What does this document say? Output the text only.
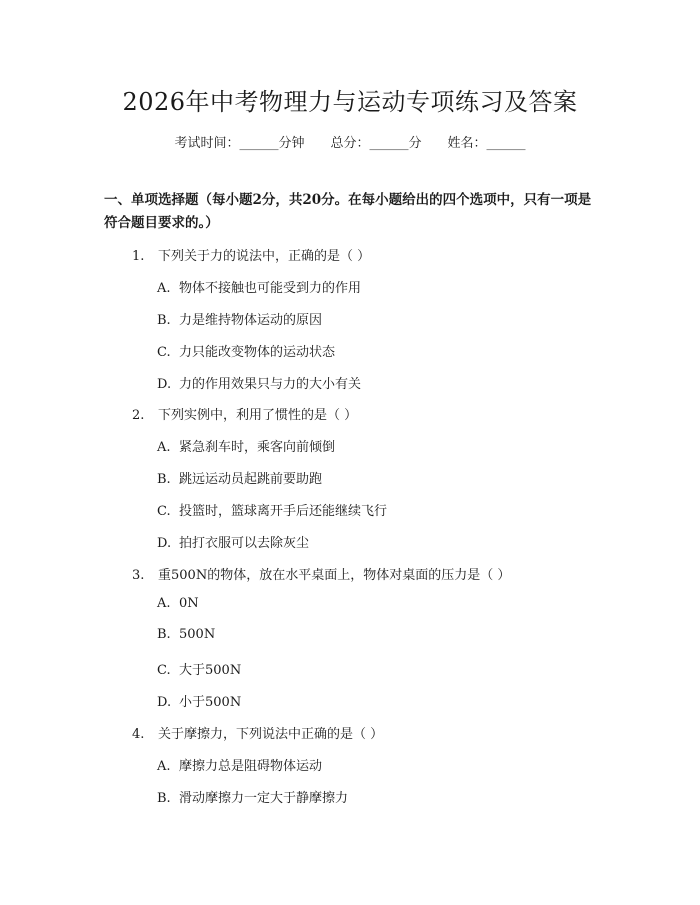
2026年中考物理力与运动专项练习及答案
考试时间：______分钟 总分：______分 姓名：______
一、单项选择题（每小题2分，共20分。在每小题给出的四个选项中，只有一项是符合题目要求的。）
1. 下列关于力的说法中，正确的是（ ）
A. 物体不接触也可能受到力的作用
B. 力是维持物体运动的原因
C. 力只能改变物体的运动状态
D. 力的作用效果只与力的大小有关
2. 下列实例中，利用了惯性的是（ ）
A. 紧急刹车时，乘客向前倾倒
B. 跳远运动员起跳前要助跑
C. 投篮时，篮球离开手后还能继续飞行
D. 拍打衣服可以去除灰尘
3. 重500N的物体，放在水平桌面上，物体对桌面的压力是（ ）
A. 0N
B. 500N
C. 大于500N
D. 小于500N
4. 关于摩擦力，下列说法中正确的是（ ）
A. 摩擦力总是阻碍物体运动
B. 滑动摩擦力一定大于静摩擦力
